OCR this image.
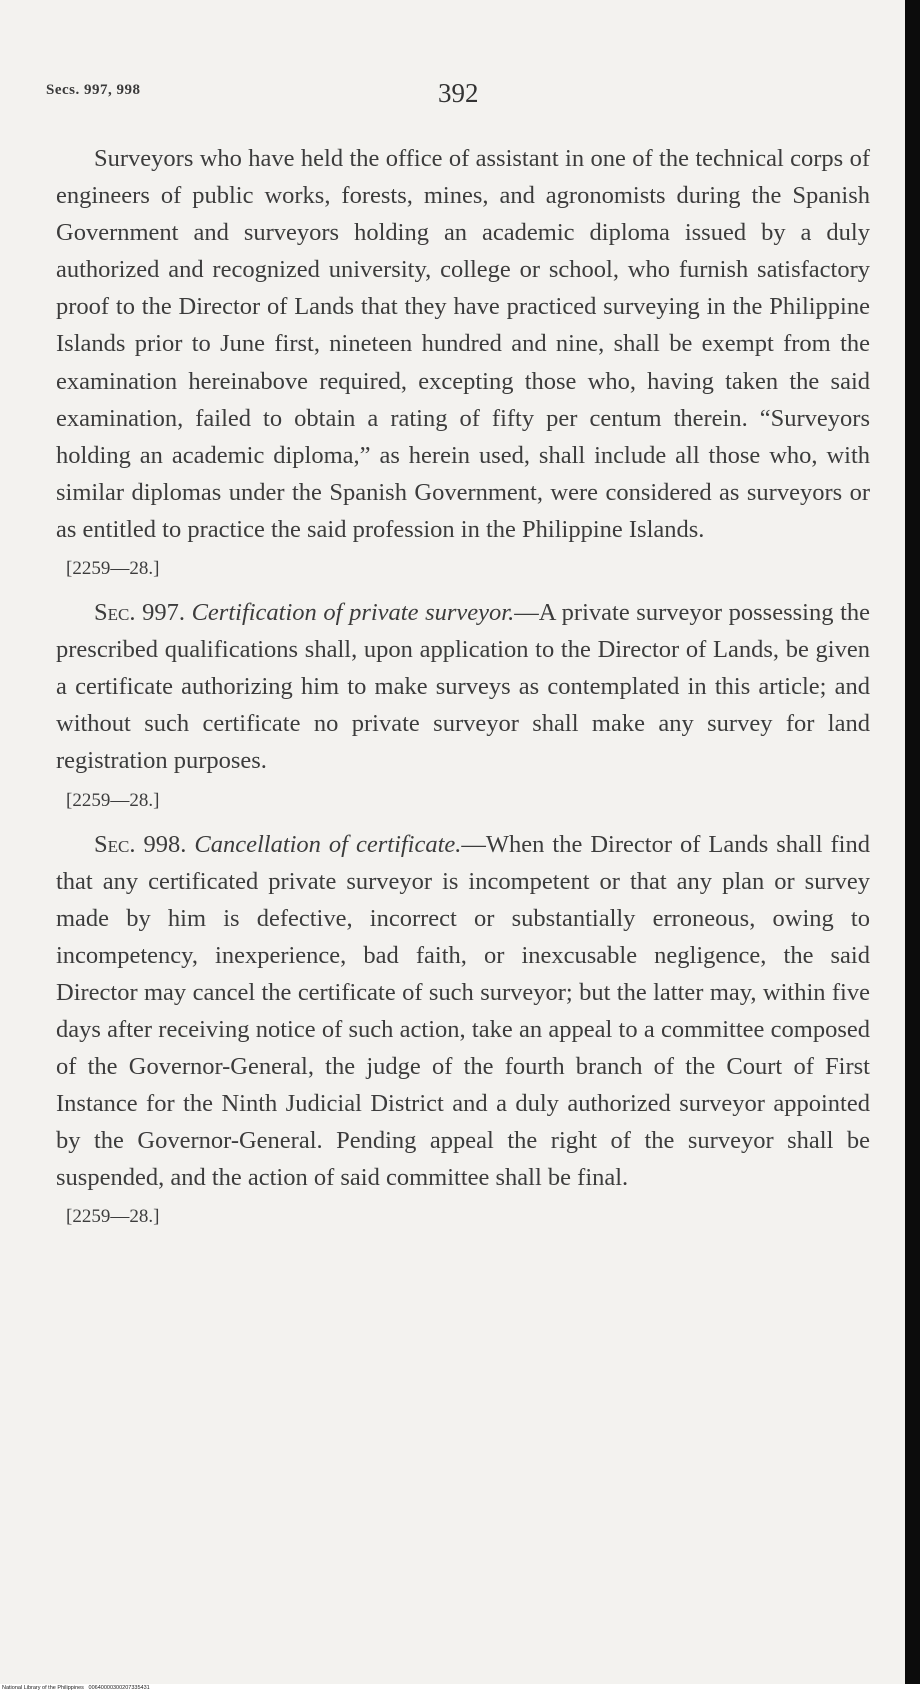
Secs. 997, 998	392

Surveyors who have held the office of assistant in one of the technical corps of engineers of public works, forests, mines, and agronomists during the Spanish Government and surveyors holding an academic diploma issued by a duly authorized and recognized university, college or school, who furnish satisfactory proof to the Director of Lands that they have practiced surveying in the Philippine Islands prior to June first, nineteen hundred and nine, shall be exempt from the examination hereinabove required, excepting those who, having taken the said examination, failed to obtain a rating of fifty per centum therein. “Surveyors holding an academic diploma,” as herein used, shall include all those who, with similar diplomas under the Spanish Government, were considered as surveyors or as entitled to practice the said profession in the Philippine Islands.

[2259—28.]

Sec. 997. Certification of private surveyor.—A private surveyor possessing the prescribed qualifications shall, upon application to the Director of Lands, be given a certificate authorizing him to make surveys as contemplated in this article; and without such certificate no private surveyor shall make any survey for land registration purposes.

[2259—28.]

Sec. 998. Cancellation of certificate.—When the Director of Lands shall find that any certificated private surveyor is incompetent or that any plan or survey made by him is defective, incorrect or substantially erroneous, owing to incompetency, inexperience, bad faith, or inexcusable negligence, the said Director may cancel the certificate of such surveyor; but the latter may, within five days after receiving notice of such action, take an appeal to a committee composed of the Governor-General, the judge of the fourth branch of the Court of First Instance for the Ninth Judicial District and a duly authorized surveyor appointed by the Governor-General. Pending appeal the right of the surveyor shall be suspended, and the action of said committee shall be final.

[2259—28.]
National Library of the Philippines 00640000300207335431
